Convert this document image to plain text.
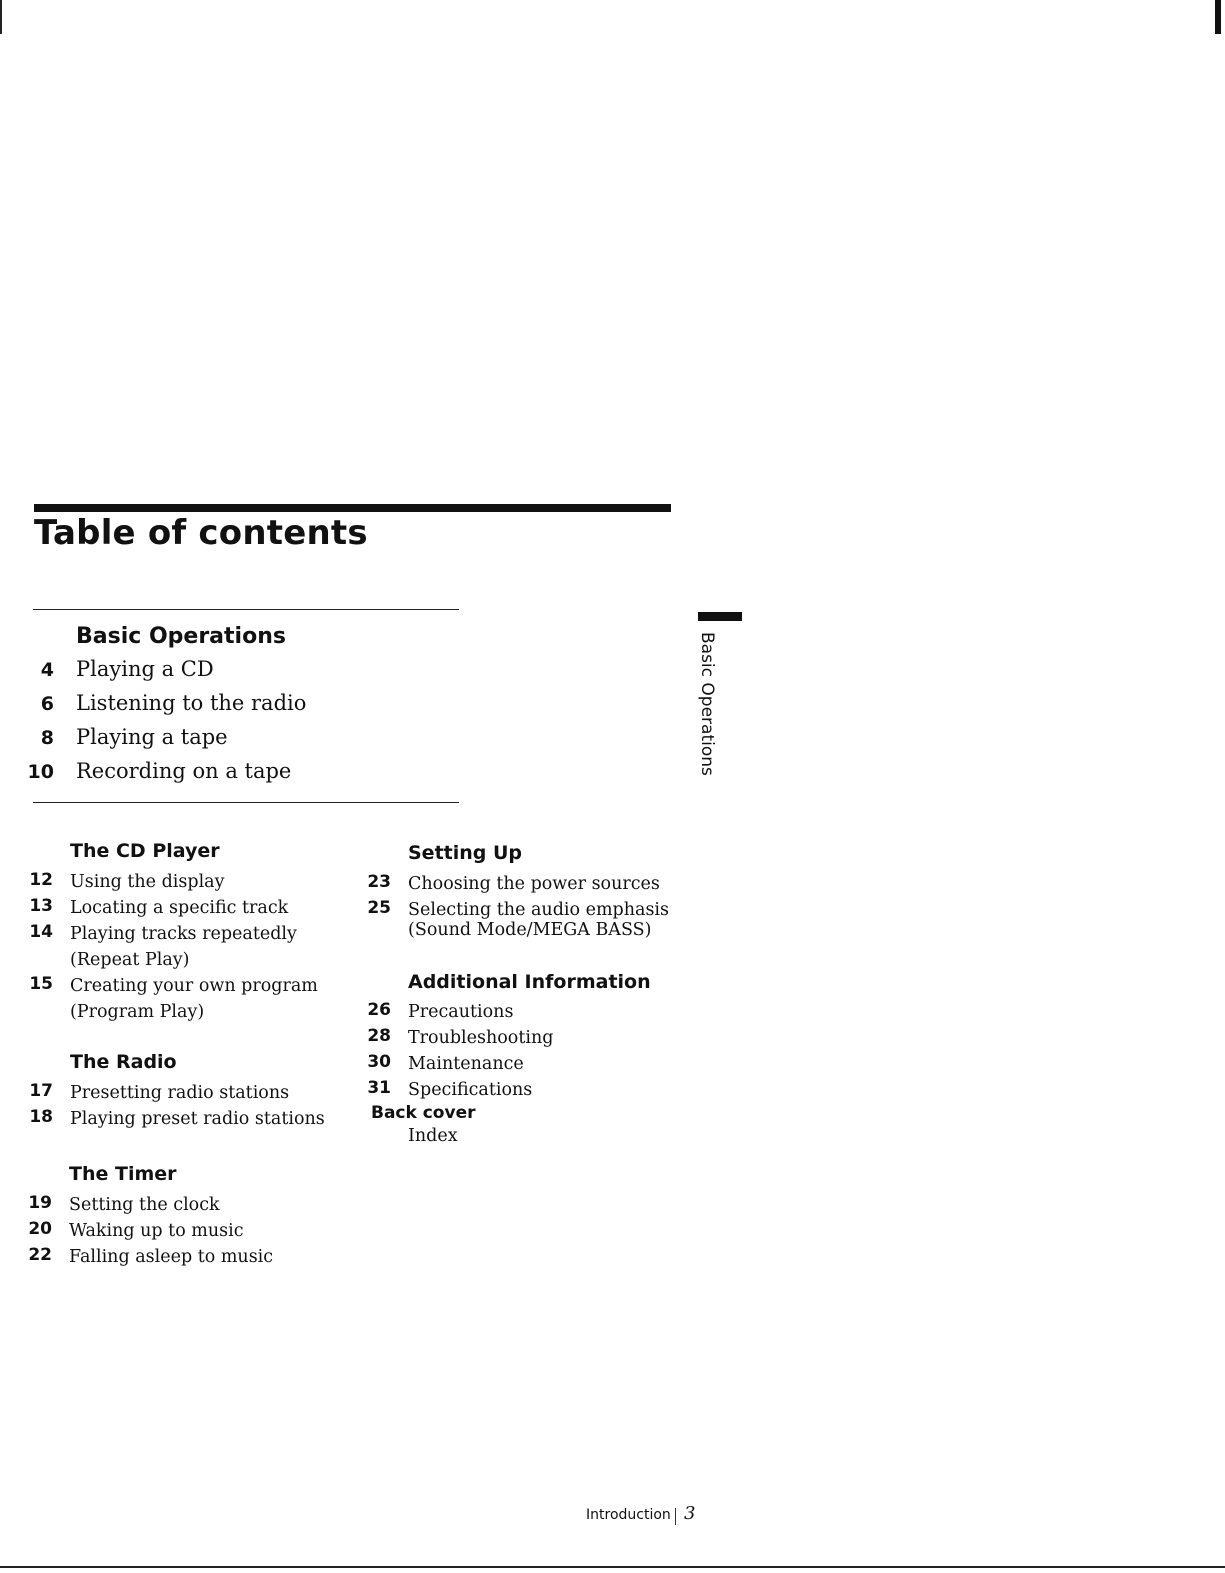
Table of contents
Basic Operations
4 Playing a CD
6 Listening to the radio
8 Playing a tape
10 Recording on a tape
The CD Player
12 Using the display
13 Locating a specific track
14 Playing tracks repeatedly
(Repeat Play)
15 Creating your own program
(Program Play)
The Radio
17 Presetting radio stations
18 Playing preset radio stations
The Timer
19 Setting the clock
20 Waking up to music
22 Falling asleep to music
Setting Up
23 Choosing the power sources
25 Selecting the audio emphasis
(Sound Mode/MEGA BASS)
Additional Information
26 Precautions
28 Troubleshooting
30 Maintenance
31 Specifications
Back cover
Index
Basic Operations
Introduction 3
